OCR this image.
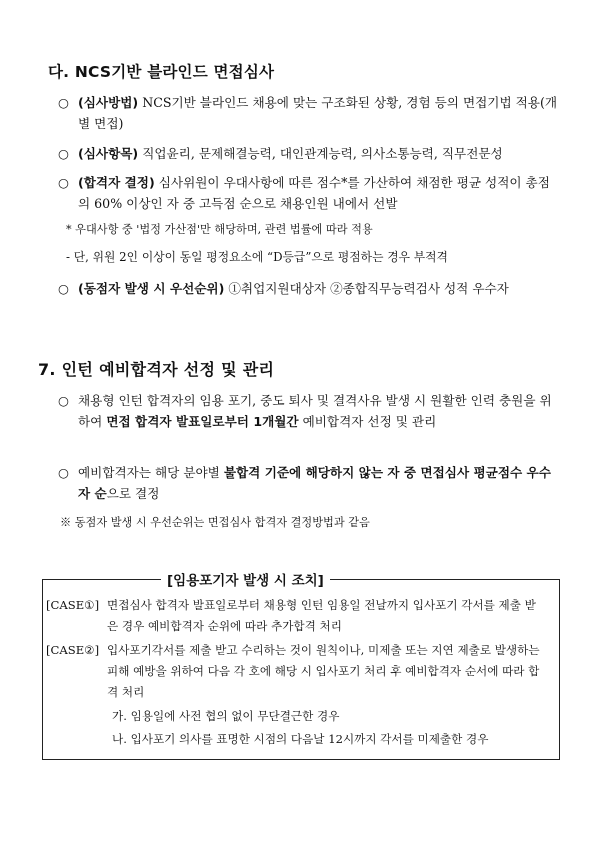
다. NCS기반 블라인드 면접심사
○ (심사방법) NCS기반 블라인드 채용에 맞는 구조화된 상황, 경험 등의 면접기법 적용(개별 면접)
○ (심사항목) 직업윤리, 문제해결능력, 대인관계능력, 의사소통능력, 직무전문성
○ (합격자 결정) 심사위원이 우대사항에 따른 점수*를 가산하여 채점한 평균 성적이 총점의 60% 이상인 자 중 고득점 순으로 채용인원 내에서 선발
* 우대사항 중 '법정 가산점'만 해당하며, 관련 법률에 따라 적용
- 단, 위원 2인 이상이 동일 평정요소에 “D등급”으로 평점하는 경우 부적격
○ (동점자 발생 시 우선순위) ①취업지원대상자 ②종합직무능력검사 성적 우수자
7. 인턴 예비합격자 선정 및 관리
○ 채용형 인턴 합격자의 임용 포기, 중도 퇴사 및 결격사유 발생 시 원활한 인력 충원을 위하여 면접 합격자 발표일로부터 1개월간 예비합격자 선정 및 관리
○ 예비합격자는 해당 분야별 불합격 기준에 해당하지 않는 자 중 면접심사 평균점수 우수자 순으로 결정
※ 동점자 발생 시 우선순위는 면접심사 합격자 결정방법과 같음
[임용포기자 발생 시 조치]
[CASE①] 면접심사 합격자 발표일로부터 채용형 인턴 임용일 전날까지 입사포기 각서를 제출 받은 경우 예비합격자 순위에 따라 추가합격 처리
[CASE②] 입사포기각서를 제출 받고 수리하는 것이 원칙이나, 미제출 또는 지연 제출로 발생하는 피해 예방을 위하여 다음 각 호에 해당 시 입사포기 처리 후 예비합격자 순서에 따라 합격 처리
가. 임용일에 사전 협의 없이 무단결근한 경우
나. 입사포기 의사를 표명한 시점의 다음날 12시까지 각서를 미제출한 경우
